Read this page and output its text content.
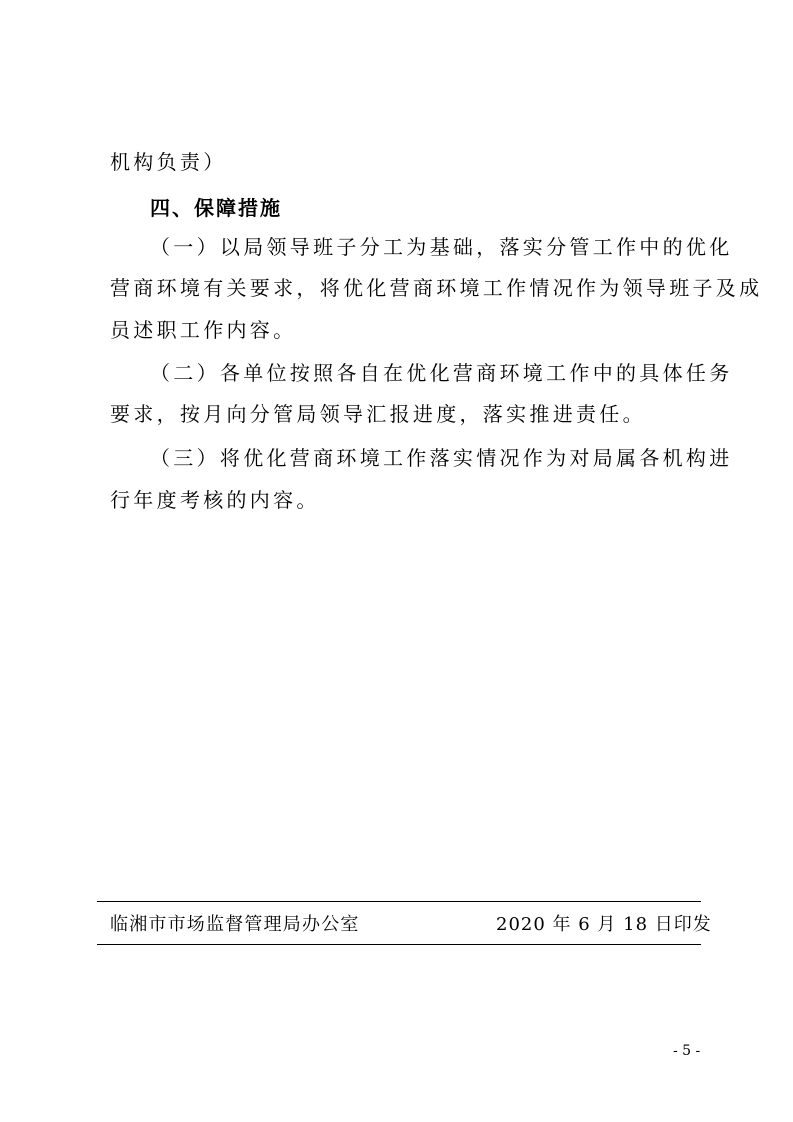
机构负责）
四、保障措施
（一）以局领导班子分工为基础，落实分管工作中的优化
营商环境有关要求，将优化营商环境工作情况作为领导班子及成
员述职工作内容。
（二）各单位按照各自在优化营商环境工作中的具体任务
要求，按月向分管局领导汇报进度，落实推进责任。
（三）将优化营商环境工作落实情况作为对局属各机构进
行年度考核的内容。
临湘市市场监督管理局办公室	2020 年 6 月 18 日印发
- 5 -
